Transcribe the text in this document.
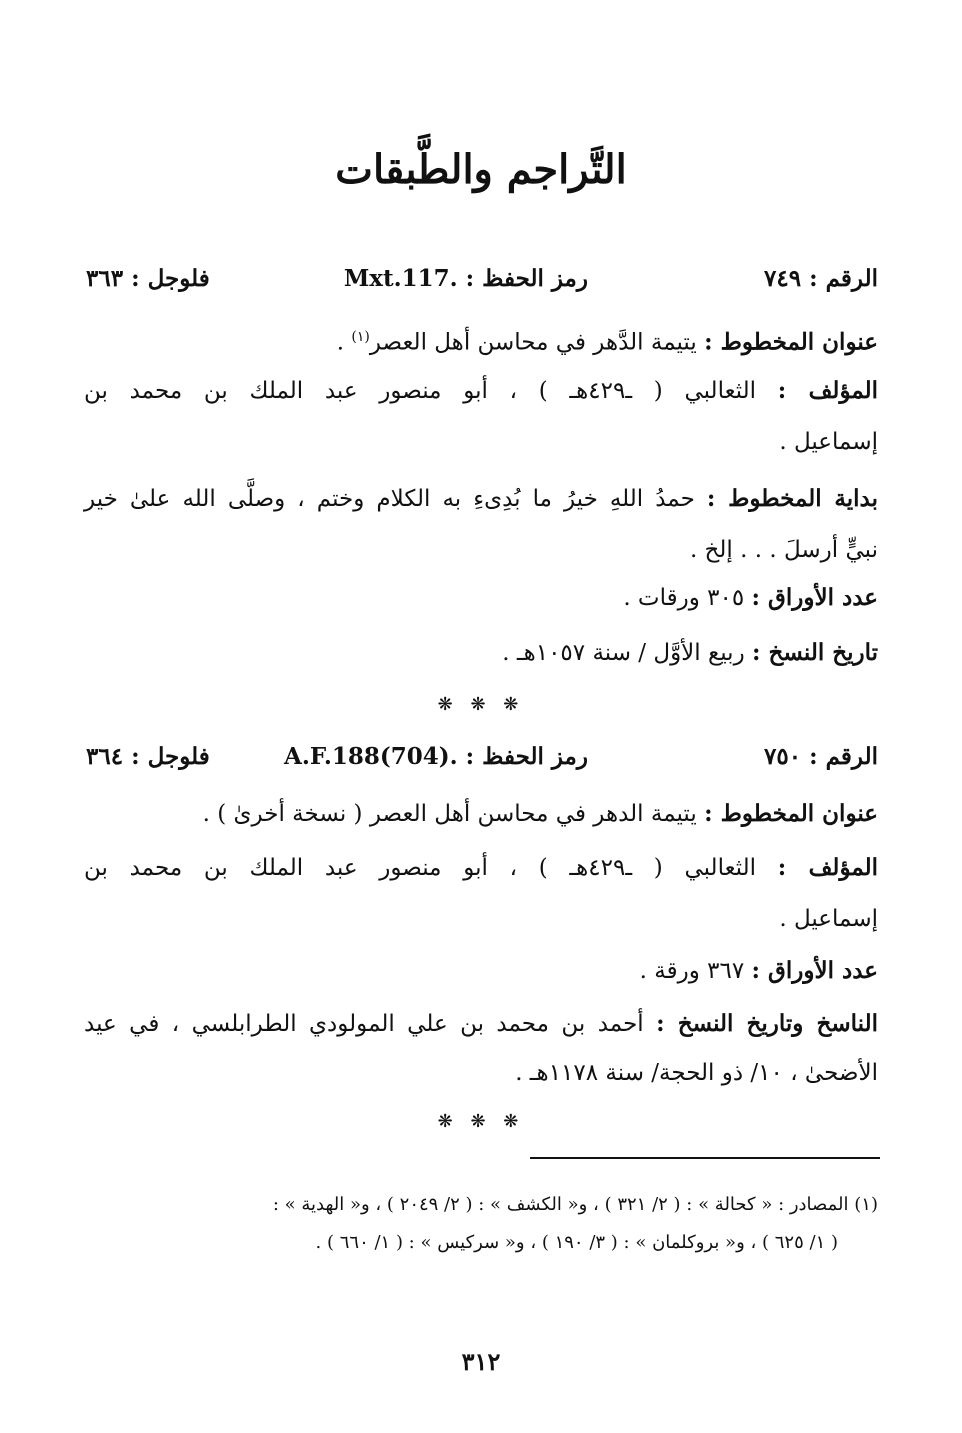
التَّراجم والطَّبقات
الرقم : ٧٤٩
رمز الحفظ : .Mxt.117
فلوجل : ٣٦٣
عنوان المخطوط : يتيمة الدَّهر في محاسن أهل العصر$^{(١)}$ .
المؤلف : الثعالبي ( ـ٤٢٩هـ ) ، أبو منصور عبد الملك بن محمد بن
إسماعيل .
بداية المخطوط : حمدُ اللهِ خيرُ ما بُدِىءِ به الكلام وختم ، وصلَّى الله علىٰ خير
نبيٍّ أرسلَ . . . إلخ .
عدد الأوراق : ٣٠٥ ورقات .
تاريخ النسخ : ربيع الأوَّل / سنة ١٠٥٧هـ .
❋ ❋ ❋
الرقم : ٧٥٠
رمز الحفظ : .A.F.188(704)
فلوجل : ٣٦٤
عنوان المخطوط : يتيمة الدهر في محاسن أهل العصر ( نسخة أخرىٰ ) .
المؤلف : الثعالبي ( ـ٤٢٩هـ ) ، أبو منصور عبد الملك بن محمد بن
إسماعيل .
عدد الأوراق : ٣٦٧ ورقة .
الناسخ وتاريخ النسخ : أحمد بن محمد بن علي المولودي الطرابلسي ، في عيد
الأضحىٰ ، ١٠/ ذو الحجة/ سنة ١١٧٨هـ .
❋ ❋ ❋
(١) المصادر : « كحالة » : ( ٢/ ٣٢١ ) ، و« الكشف » : ( ٢/ ٢٠٤٩ ) ، و« الهدية » :
( ١/ ٦٢٥ ) ، و« بروكلمان » : ( ٣/ ١٩٠ ) ، و« سركيس » : ( ١/ ٦٦٠ ) .
٣١٢
